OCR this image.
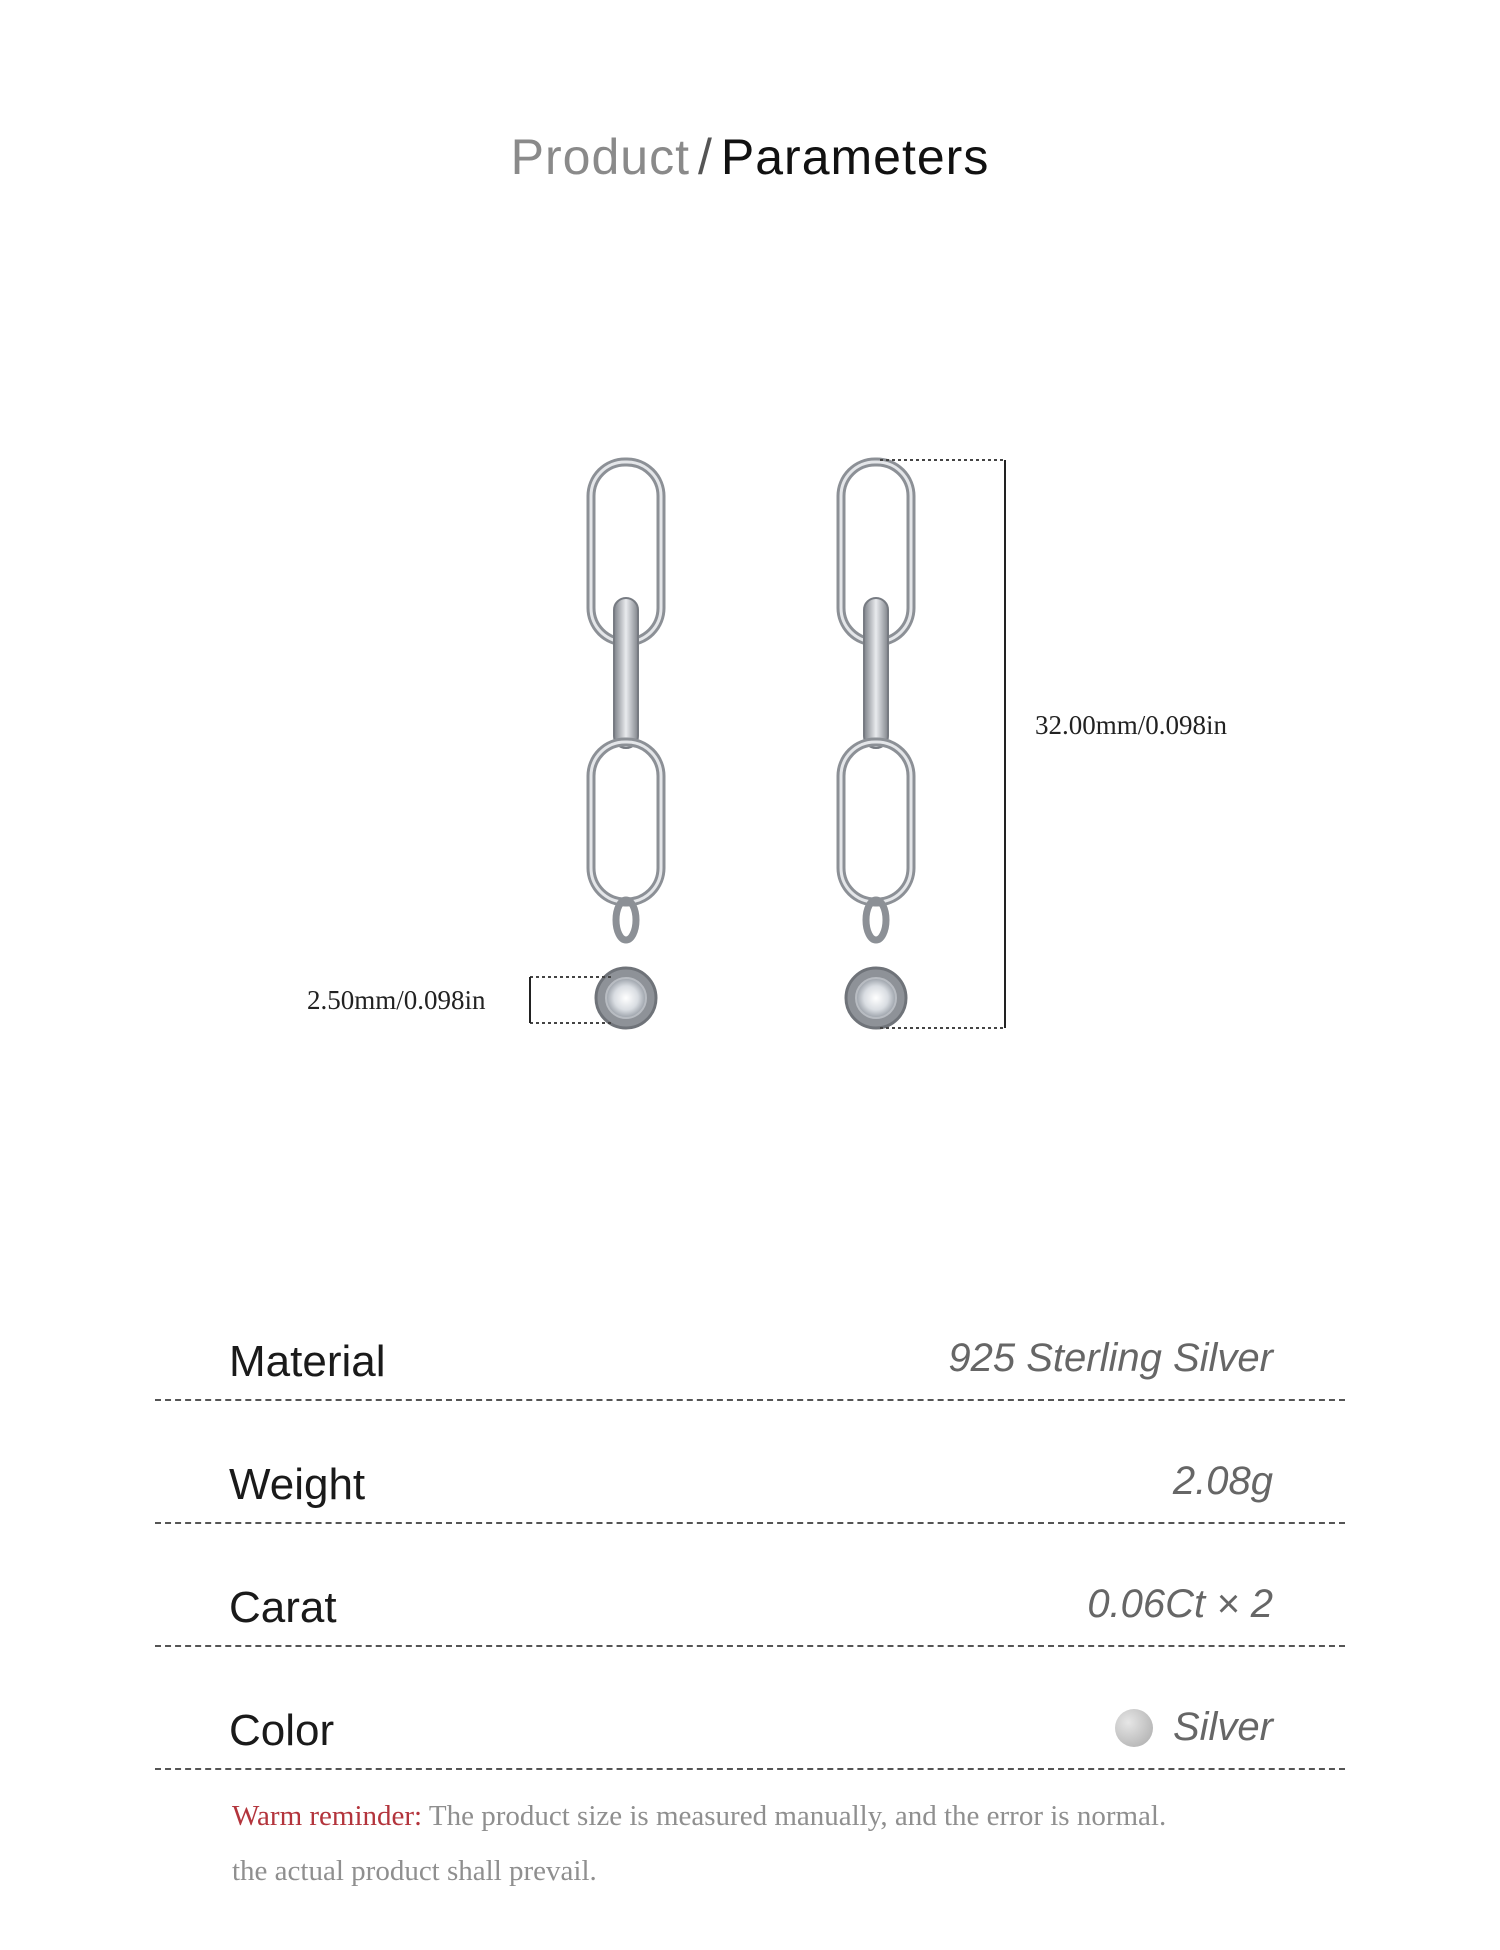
Product / Parameters
32.00mm/0.098in
2.50mm/0.098in
Material	925 Sterling Silver
Weight	2.08g
Carat	0.06Ct × 2
Color	Silver
Warm reminder: The product size is measured manually, and the error is normal.
the actual product shall prevail.
